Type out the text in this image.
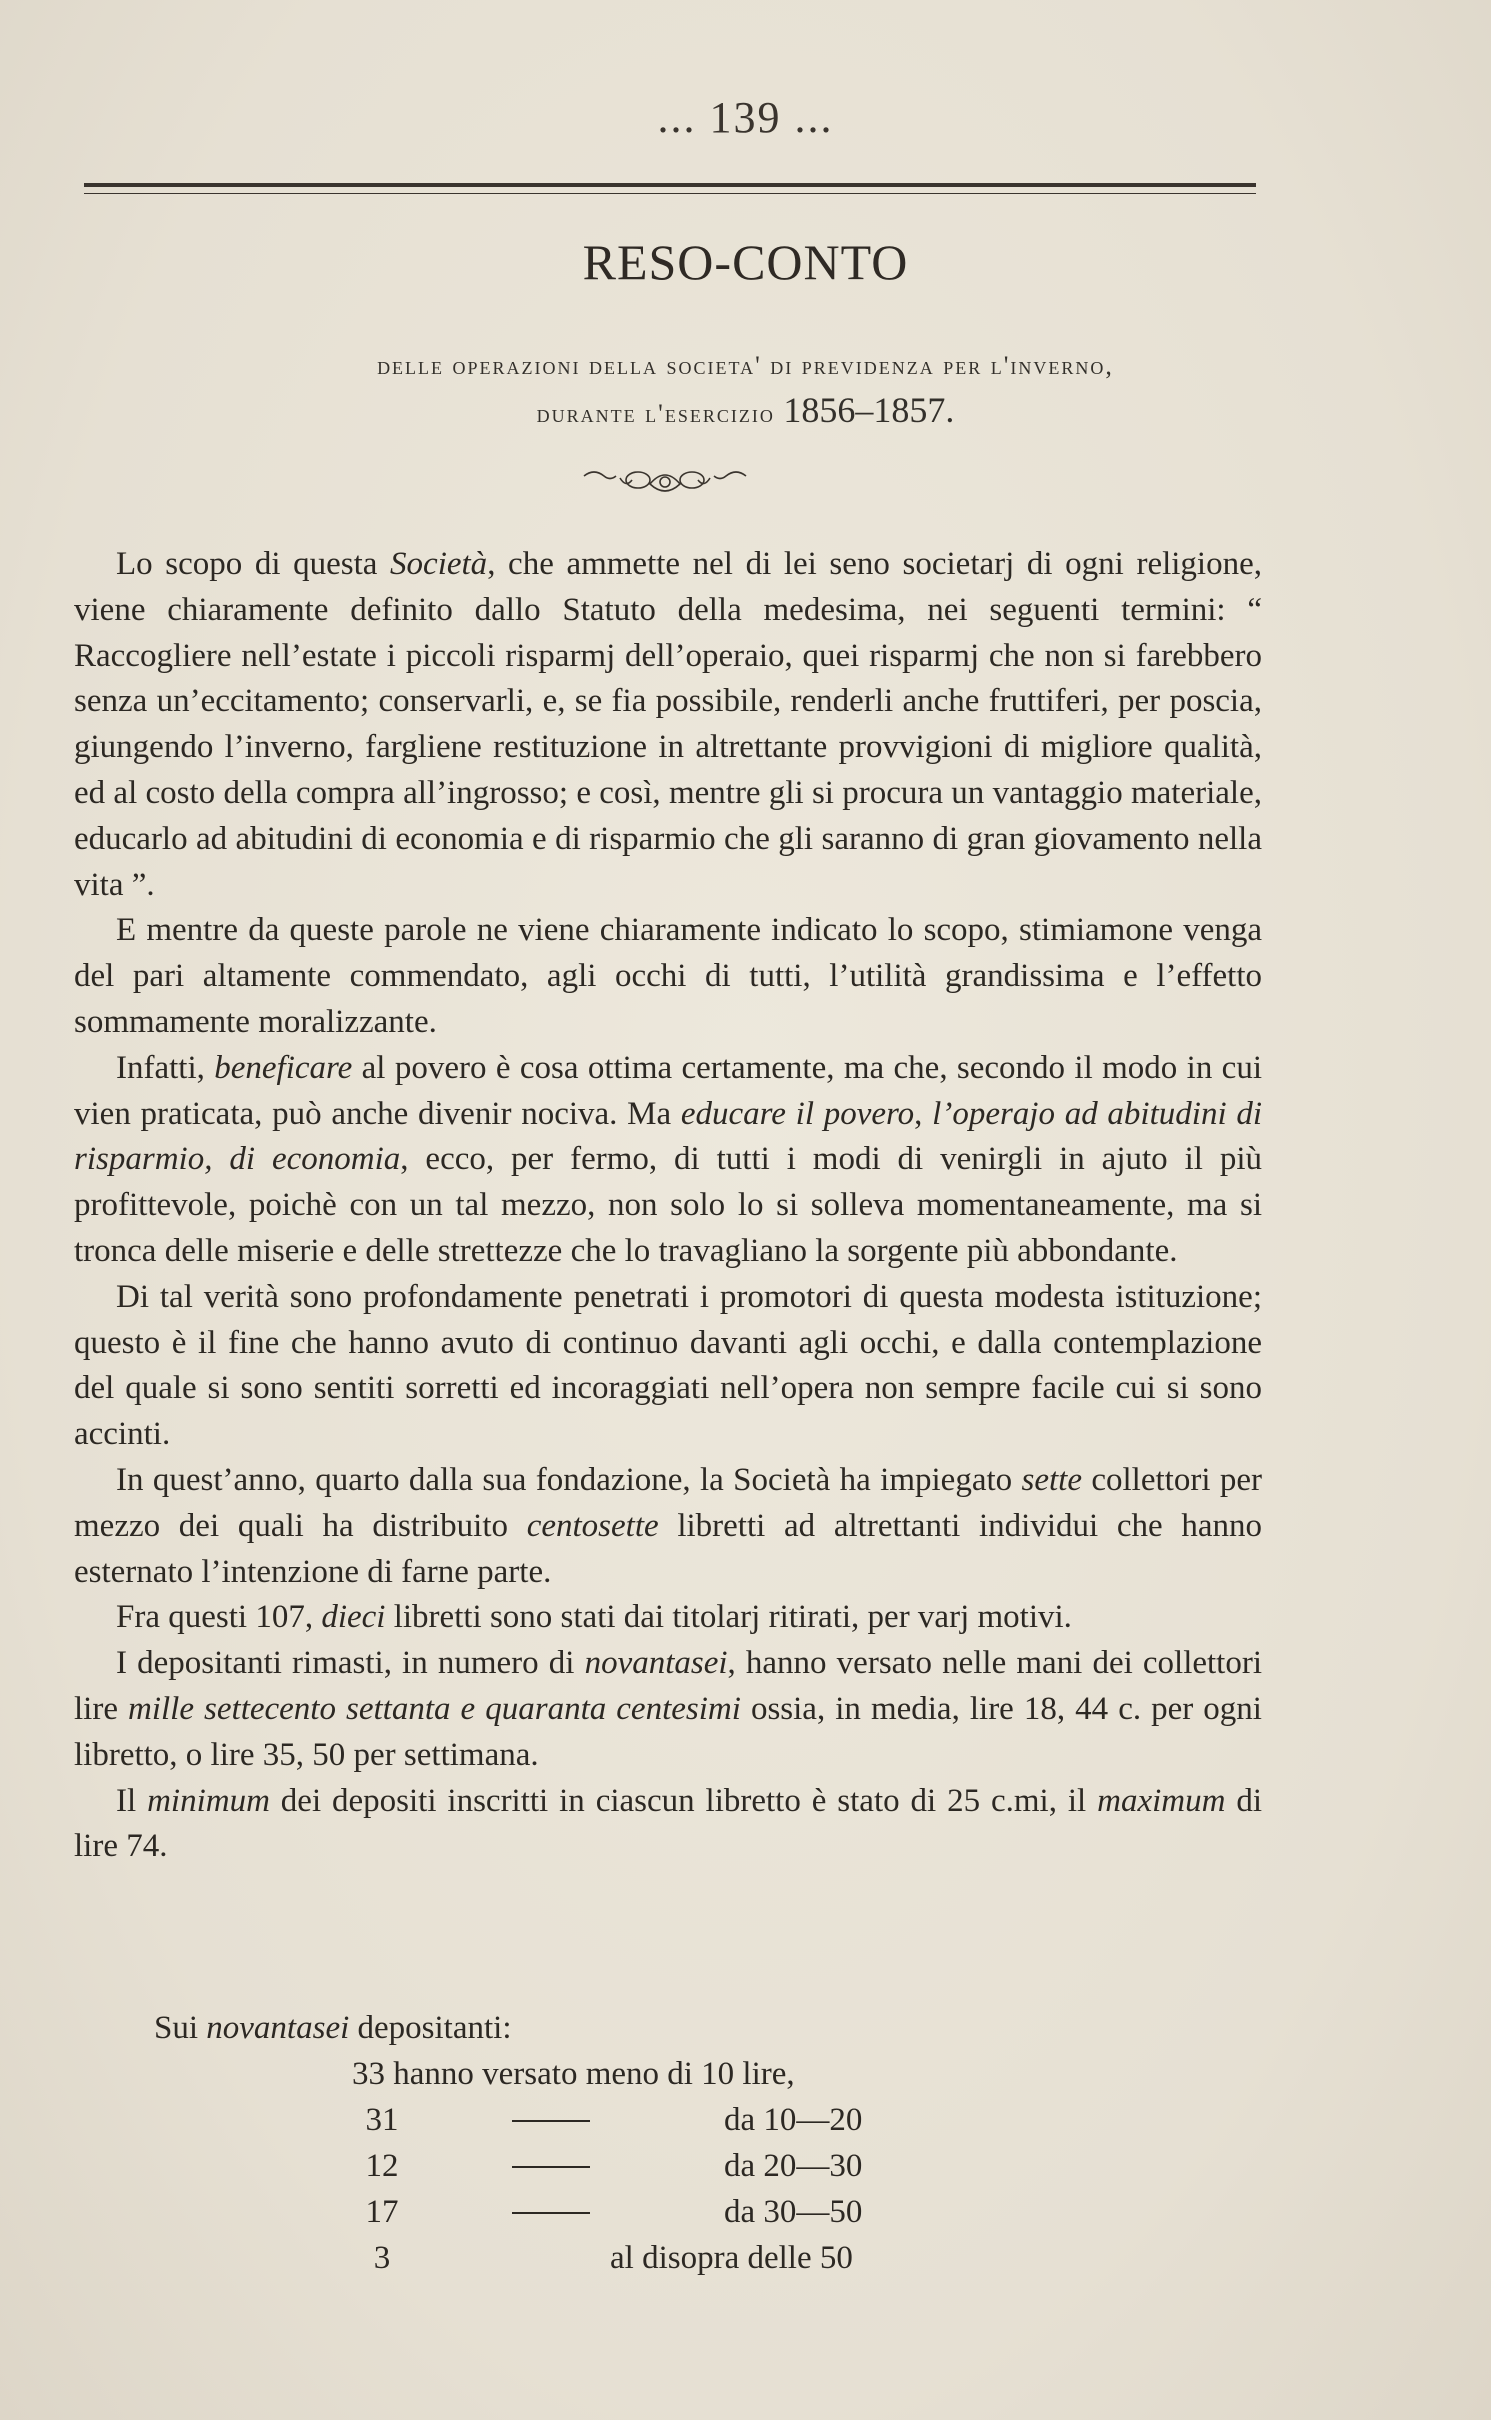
... 139 ...
RESO-CONTO
delle operazioni della societa' di previdenza per l'inverno,
durante l'esercizio 1856–1857.

Lo scopo di questa Società, che ammette nel di lei seno societarj di ogni religione, viene chiaramente definito dallo Statuto della medesima, nei seguenti termini: “ Raccogliere nell’estate i piccoli risparmj dell’operaio, quei risparmj che non si farebbero senza un’eccitamento; conservarli, e, se fia possibile, renderli anche fruttiferi, per poscia, giungendo l’inverno, fargliene restituzione in altrettante provvigioni di migliore qualità, ed al costo della compra all’ingrosso; e così, mentre gli si procura un vantaggio materiale, educarlo ad abitudini di economia e di risparmio che gli saranno di gran giovamento nella vita ”.

E mentre da queste parole ne viene chiaramente indicato lo scopo, stimiamone venga del pari altamente commendato, agli occhi di tutti, l’utilità grandissima e l’effetto sommamente moralizzante.

Infatti, beneficare al povero è cosa ottima certamente, ma che, secondo il modo in cui vien praticata, può anche divenir nociva. Ma educare il povero, l’operajo ad abitudini di risparmio, di economia, ecco, per fermo, di tutti i modi di venirgli in ajuto il più profittevole, poichè con un tal mezzo, non solo lo si solleva momentaneamente, ma si tronca delle miserie e delle strettezze che lo travagliano la sorgente più abbondante.

Di tal verità sono profondamente penetrati i promotori di questa modesta istituzione; questo è il fine che hanno avuto di continuo davanti agli occhi, e dalla contemplazione del quale si sono sentiti sorretti ed incoraggiati nell’opera non sempre facile cui si sono accinti.

In quest’anno, quarto dalla sua fondazione, la Società ha impiegato sette collettori per mezzo dei quali ha distribuito centosette libretti ad altrettanti individui che hanno esternato l’intenzione di farne parte.

Fra questi 107, dieci libretti sono stati dai titolarj ritirati, per varj motivi.

I depositanti rimasti, in numero di novantasei, hanno versato nelle mani dei collettori lire mille settecento settanta e quaranta centesimi ossia, in media, lire 18, 44 c. per ogni libretto, o lire 35, 50 per settimana.

Il minimum dei depositi inscritti in ciascun libretto è stato di 25 c.mi, il maximum di lire 74.

Sui novantasei depositanti:
33 hanno versato meno di 10 lire,
31	da 10—20
12	da 20—30
17	da 30—50
3	al disopra delle 50
